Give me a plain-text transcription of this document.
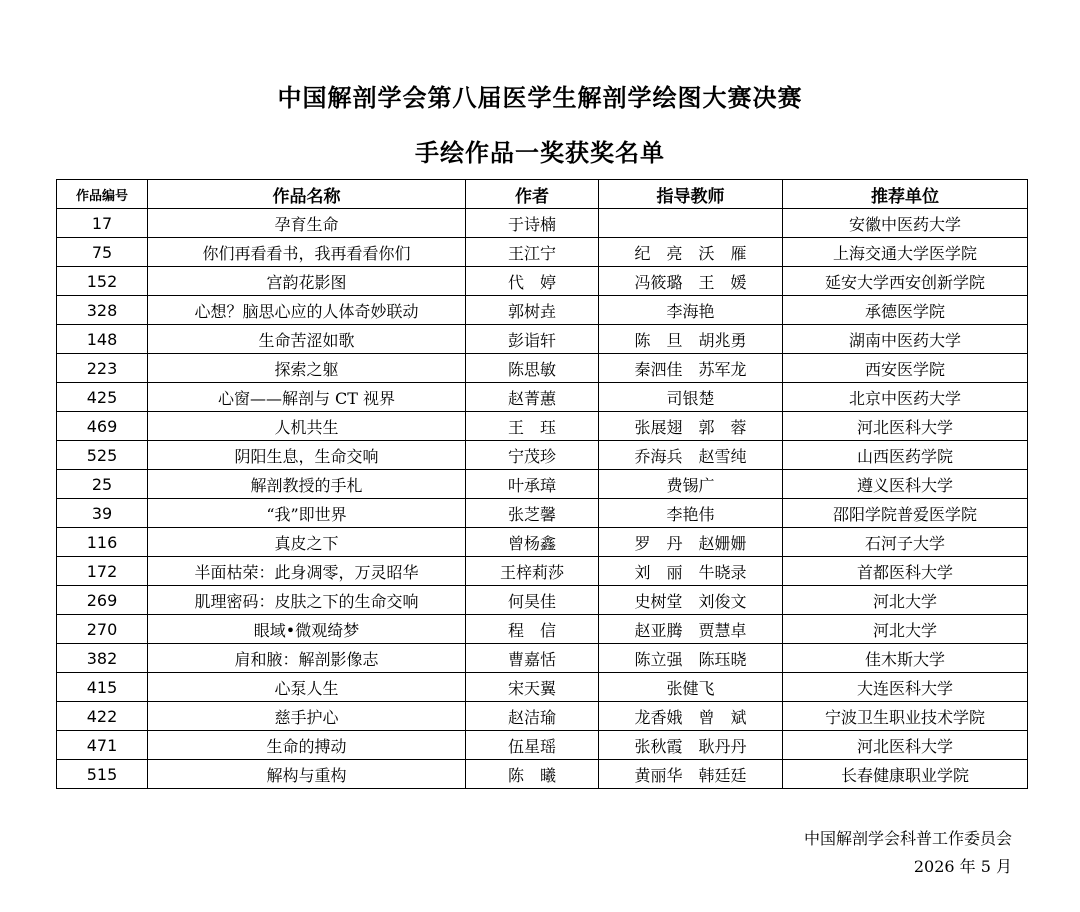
中国解剖学会第八届医学生解剖学绘图大赛决赛
手绘作品一奖获奖名单
作品编号	作品名称	作者	指导教师	推荐单位
17	孕育生命	于诗楠		安徽中医药大学
75	你们再看看书，我再看看你们	王江宁	纪　亮　沃　雁	上海交通大学医学院
152	宫韵花影图	代　婷	冯筱璐　王　媛	延安大学西安创新学院
328	心想？脑思心应的人体奇妙联动	郭树垚	李海艳	承德医学院
148	生命苦涩如歌	彭诣轩	陈　旦　胡兆勇	湖南中医药大学
223	探索之躯	陈思敏	秦泗佳　苏军龙	西安医学院
425	心窗——解剖与 CT 视界	赵菁蕙	司银楚	北京中医药大学
469	人机共生	王　珏	张展翅　郭　蓉	河北医科大学
525	阴阳生息，生命交响	宁茂珍	乔海兵　赵雪纯	山西医药学院
25	解剖教授的手札	叶承璋	费锡广	遵义医科大学
39	“我”即世界	张芝馨	李艳伟	邵阳学院普爱医学院
116	真皮之下	曾杨鑫	罗　丹　赵姗姗	石河子大学
172	半面枯荣：此身凋零，万灵昭华	王梓莉莎	刘　丽　牛晓录	首都医科大学
269	肌理密码：皮肤之下的生命交响	何昊佳	史树堂　刘俊文	河北大学
270	眼域•微观绮梦	程　信	赵亚腾　贾慧卓	河北大学
382	肩和腋：解剖影像志	曹嘉恬	陈立强　陈珏晓	佳木斯大学
415	心泵人生	宋天翼	张健飞	大连医科大学
422	慈手护心	赵洁瑜	龙香娥　曾　斌	宁波卫生职业技术学院
471	生命的搏动	伍星瑶	张秋霞　耿丹丹	河北医科大学
515	解构与重构	陈　曦	黄丽华　韩廷廷	长春健康职业学院
中国解剖学会科普工作委员会
2026 年 5 月
